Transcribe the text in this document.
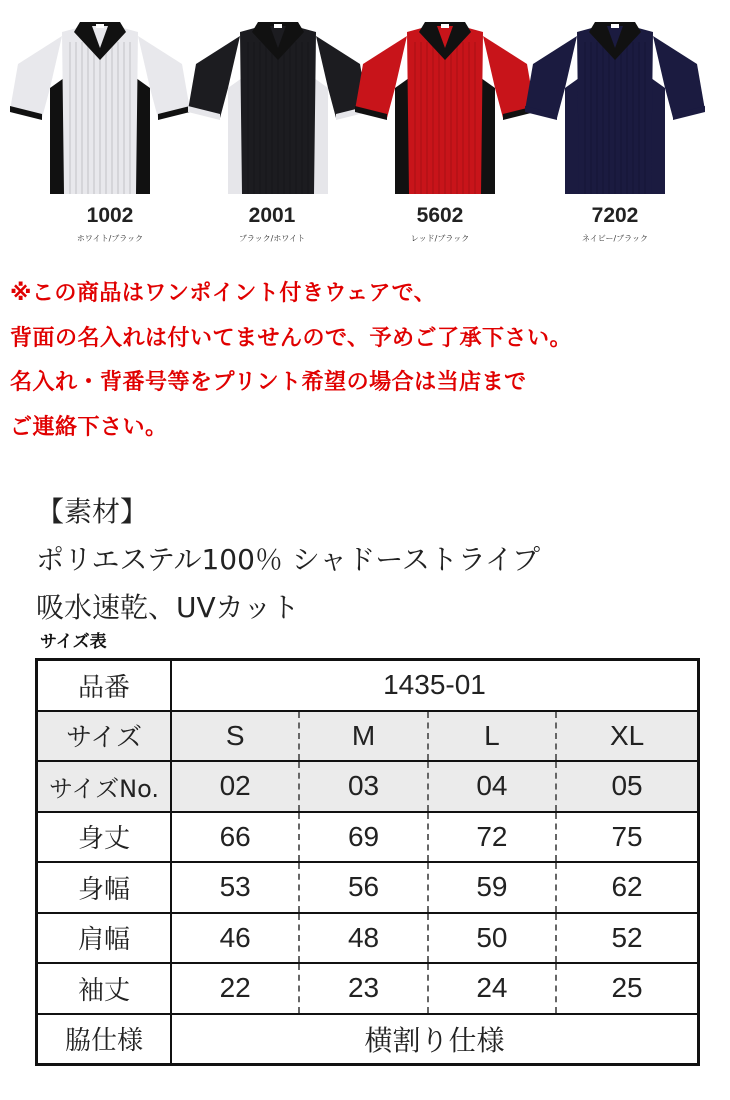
1002	2001	5602	7202
ホワイト/ブラック	ブラック/ホワイト	レッド/ブラック	ネイビー/ブラック
※この商品はワンポイント付きウェアで、
背面の名入れは付いてませんので、予めご了承下さい。
名入れ・背番号等をプリント希望の場合は当店まで
ご連絡下さい。
【素材】
ポリエステル100％ シャドーストライプ
吸水速乾、UVカット
サイズ表
品番	1435-01			
サイズ	S	M	L	XL
サイズNo.	02	03	04	05
身丈	66	69	72	75
身幅	53	56	59	62
肩幅	46	48	50	52
袖丈	22	23	24	25
脇仕様	横割り仕様			
